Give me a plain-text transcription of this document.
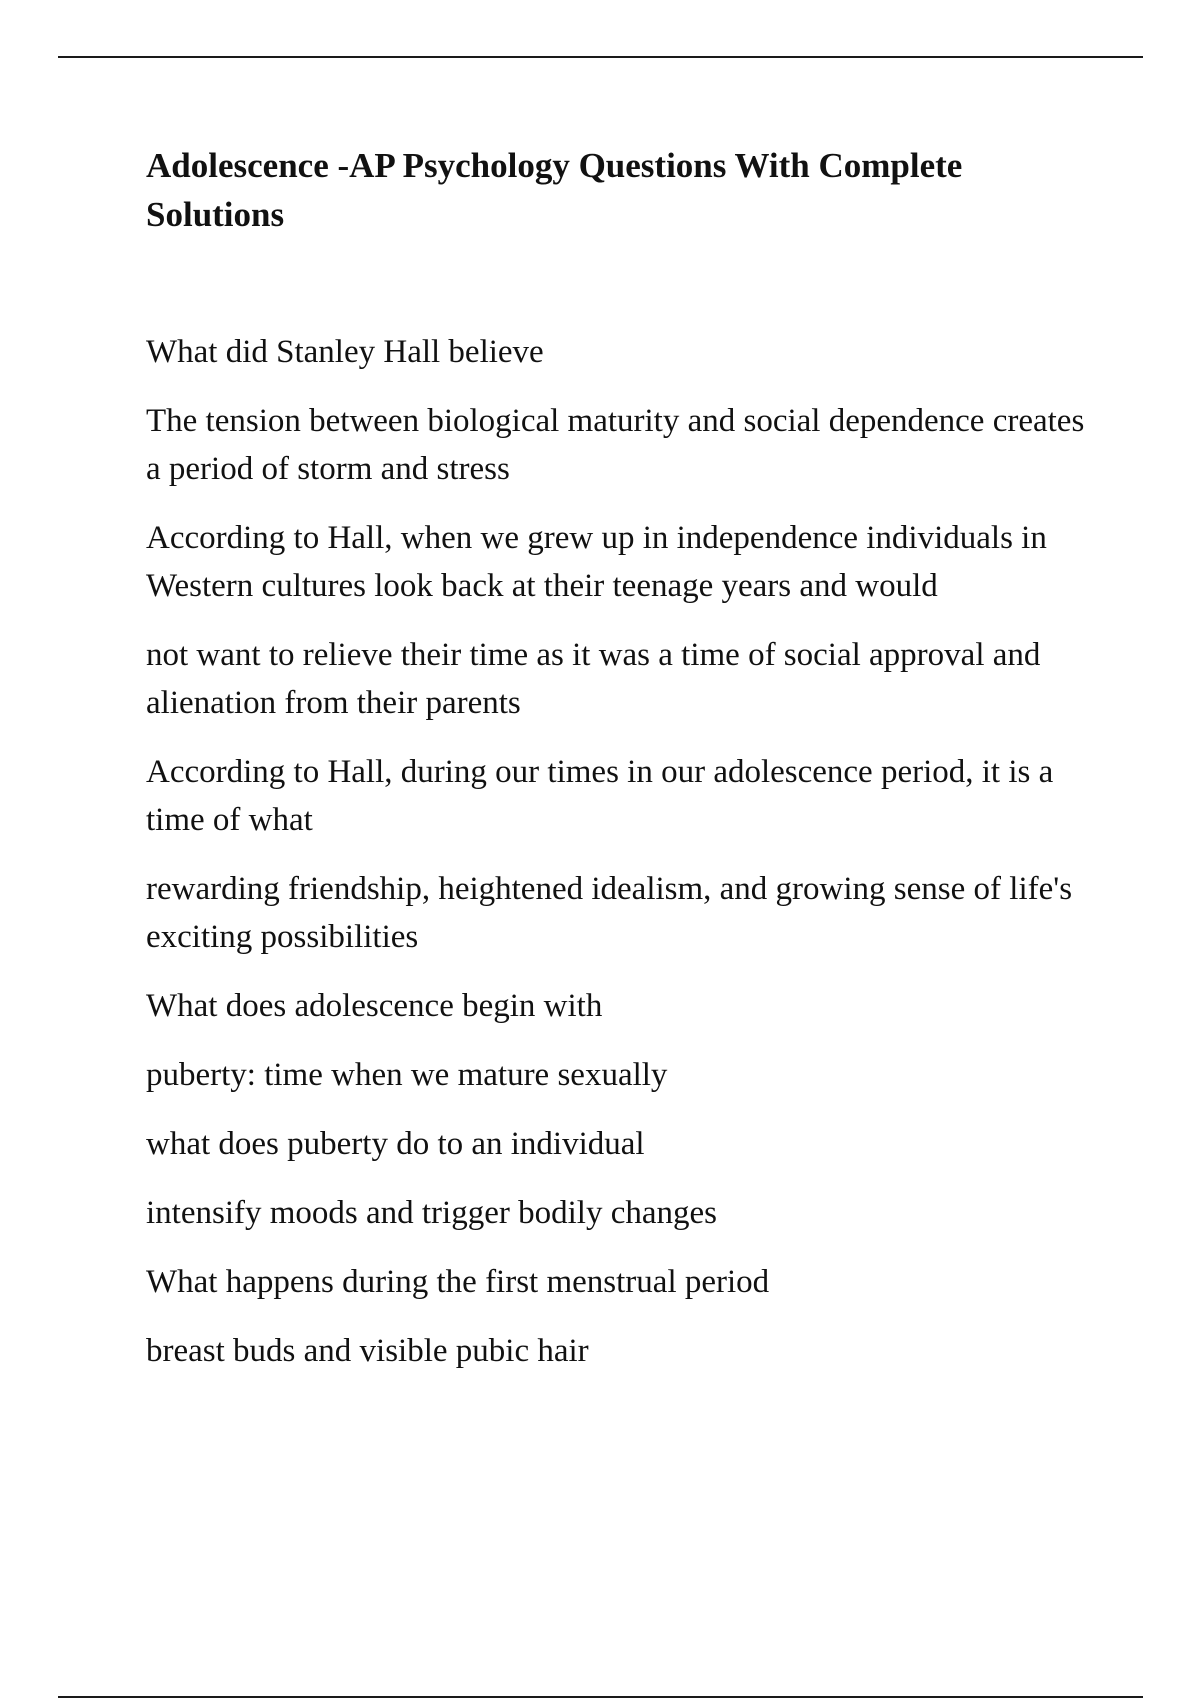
Adolescence -AP Psychology Questions With Complete Solutions

What did Stanley Hall believe

The tension between biological maturity and social dependence creates a period of storm and stress

According to Hall, when we grew up in independence individuals in Western cultures look back at their teenage years and would

not want to relieve their time as it was a time of social approval and alienation from their parents

According to Hall, during our times in our adolescence period, it is a time of what

rewarding friendship, heightened idealism, and growing sense of life's exciting possibilities

What does adolescence begin with

puberty: time when we mature sexually

what does puberty do to an individual

intensify moods and trigger bodily changes

What happens during the first menstrual period

breast buds and visible pubic hair
